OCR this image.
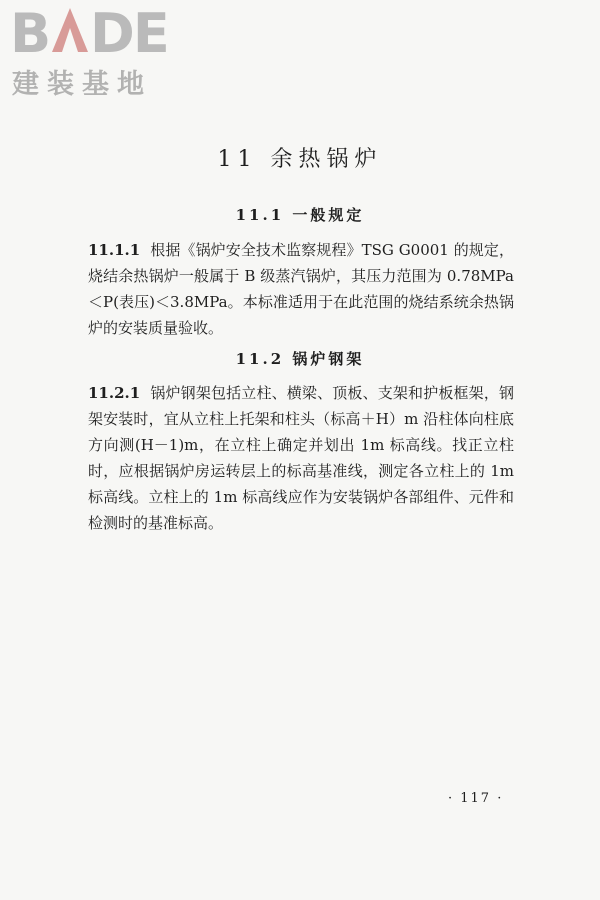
B DE
建装基地
11 余热锅炉
11.1 一般规定
11.1.1 根据《锅炉安全技术监察规程》TSG G0001 的规定，烧结余热锅炉一般属于 B 级蒸汽锅炉，其压力范围为 0.78MPa＜P(表压)＜3.8MPa。本标准适用于在此范围的烧结系统余热锅炉的安装质量验收。
11.2 锅炉钢架
11.2.1 锅炉钢架包括立柱、横梁、顶板、支架和护板框架，钢架安装时，宜从立柱上托架和柱头（标高＋H）m 沿柱体向柱底方向测(H－1)m，在立柱上确定并划出 1m 标高线。找正立柱时，应根据锅炉房运转层上的标高基准线，测定各立柱上的 1m 标高线。立柱上的 1m 标高线应作为安装锅炉各部组件、元件和检测时的基准标高。
· 117 ·
